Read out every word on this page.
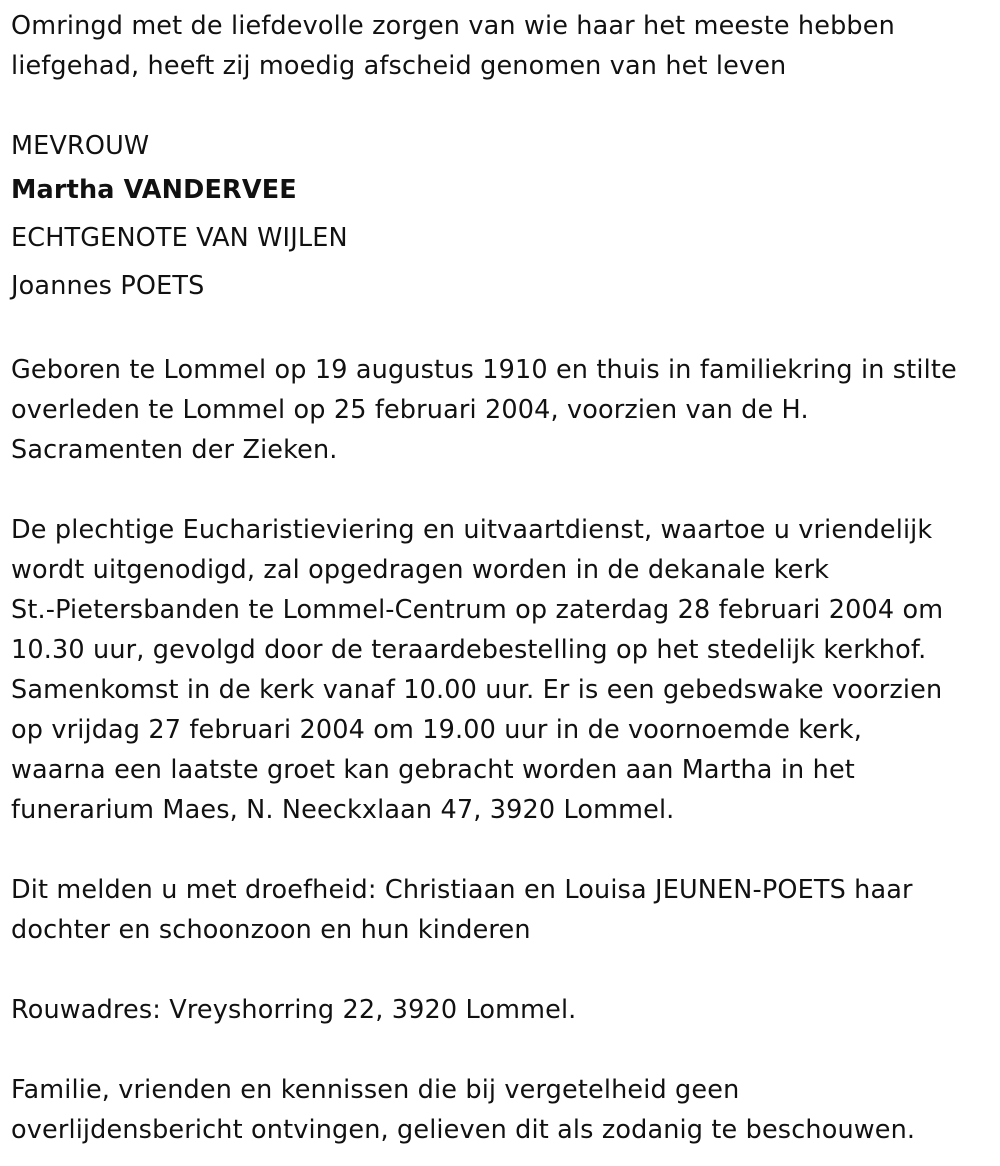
Omringd met de liefdevolle zorgen van wie haar het meeste hebben
liefgehad, heeft zij moedig afscheid genomen van het leven
MEVROUW
Martha VANDERVEE
ECHTGENOTE VAN WIJLEN
Joannes POETS
Geboren te Lommel op 19 augustus 1910 en thuis in familiekring in stilte
overleden te Lommel op 25 februari 2004, voorzien van de H.
Sacramenten der Zieken.
De plechtige Eucharistieviering en uitvaartdienst, waartoe u vriendelijk
wordt uitgenodigd, zal opgedragen worden in de dekanale kerk
St.-Pietersbanden te Lommel-Centrum op zaterdag 28 februari 2004 om
10.30 uur, gevolgd door de teraardebestelling op het stedelijk kerkhof.
Samenkomst in de kerk vanaf 10.00 uur. Er is een gebedswake voorzien
op vrijdag 27 februari 2004 om 19.00 uur in de voornoemde kerk,
waarna een laatste groet kan gebracht worden aan Martha in het
funerarium Maes, N. Neeckxlaan 47, 3920 Lommel.
Dit melden u met droefheid: Christiaan en Louisa JEUNEN-POETS haar
dochter en schoonzoon en hun kinderen
Rouwadres: Vreyshorring 22, 3920 Lommel.
Familie, vrienden en kennissen die bij vergetelheid geen
overlijdensbericht ontvingen, gelieven dit als zodanig te beschouwen.
